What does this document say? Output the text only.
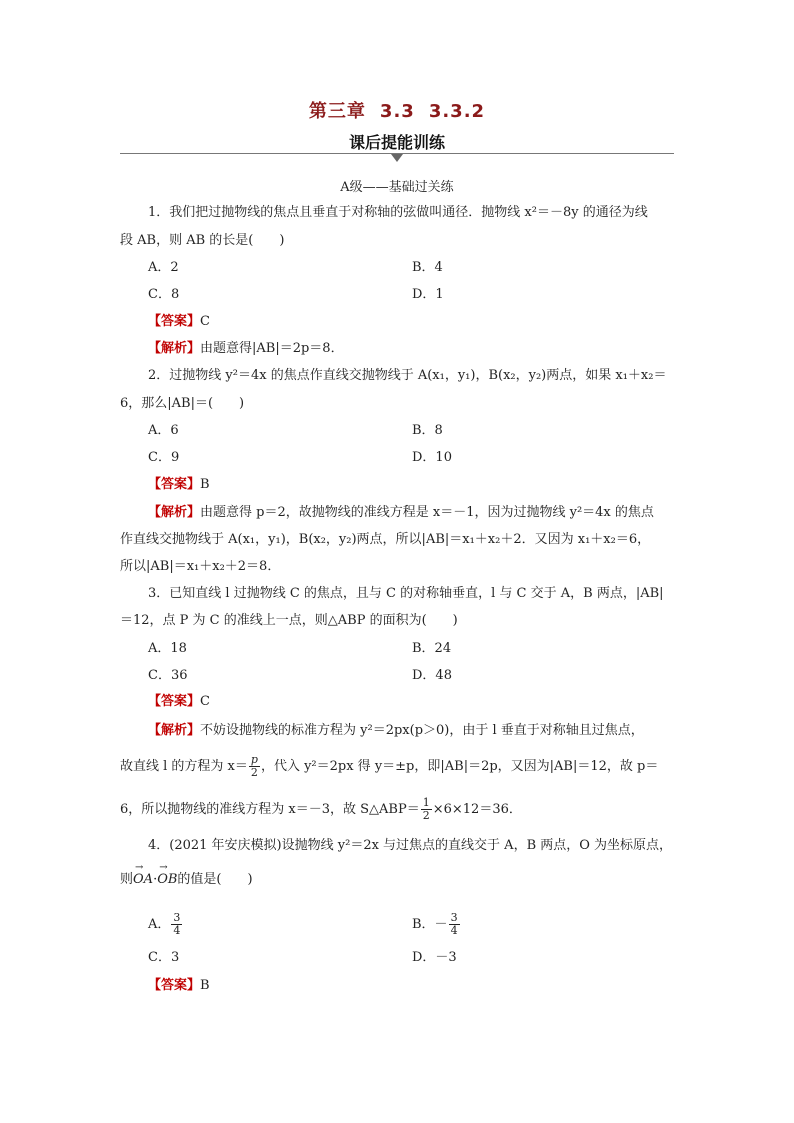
第三章 3.3 3.3.2
课后提能训练
A级——基础过关练
1．我们把过抛物线的焦点且垂直于对称轴的弦做叫通径．抛物线 x²＝－8y 的通径为线
段 AB，则 AB 的长是(　　)
A．2	B．4
C．8	D．1
【答案】C
【解析】由题意得|AB|＝2p＝8．
2．过抛物线 y²＝4x 的焦点作直线交抛物线于 A(x₁，y₁)，B(x₂，y₂)两点，如果 x₁＋x₂＝
6，那么|AB|＝(　　)
A．6	B．8
C．9	D．10
【答案】B
【解析】由题意得 p＝2，故抛物线的准线方程是 x＝－1，因为过抛物线 y²＝4x 的焦点
作直线交抛物线于 A(x₁，y₁)，B(x₂，y₂)两点，所以|AB|＝x₁＋x₂＋2．又因为 x₁＋x₂＝6，
所以|AB|＝x₁＋x₂＋2＝8．
3．已知直线 l 过抛物线 C 的焦点，且与 C 的对称轴垂直，l 与 C 交于 A，B 两点，|AB|
＝12，点 P 为 C 的准线上一点，则△ABP 的面积为(　　)
A．18	B．24
C．36	D．48
【答案】C
【解析】不妨设抛物线的标准方程为 y²＝2px(p＞0)，由于 l 垂直于对称轴且过焦点，
故直线 l 的方程为 $x= \frac{p}{2}$ ，代入 y²＝2px 得 y＝±p，即|AB|＝2p，又因为|AB|＝12，故 p＝
6，所以抛物线的准线方程为 x＝－3，故 S△ABP＝ $\frac{1}{2} \times 6\times 12=36$．
4．(2021 年安庆模拟)设抛物线 y²＝2x 与过焦点的直线交于 A，B 两点，O 为坐标原点，
则→ OA·→ OB的值是(　　)
A． $\frac{3}{4}$	B．－ $\frac{3}{4}$
C．3	D．－3
【答案】B
